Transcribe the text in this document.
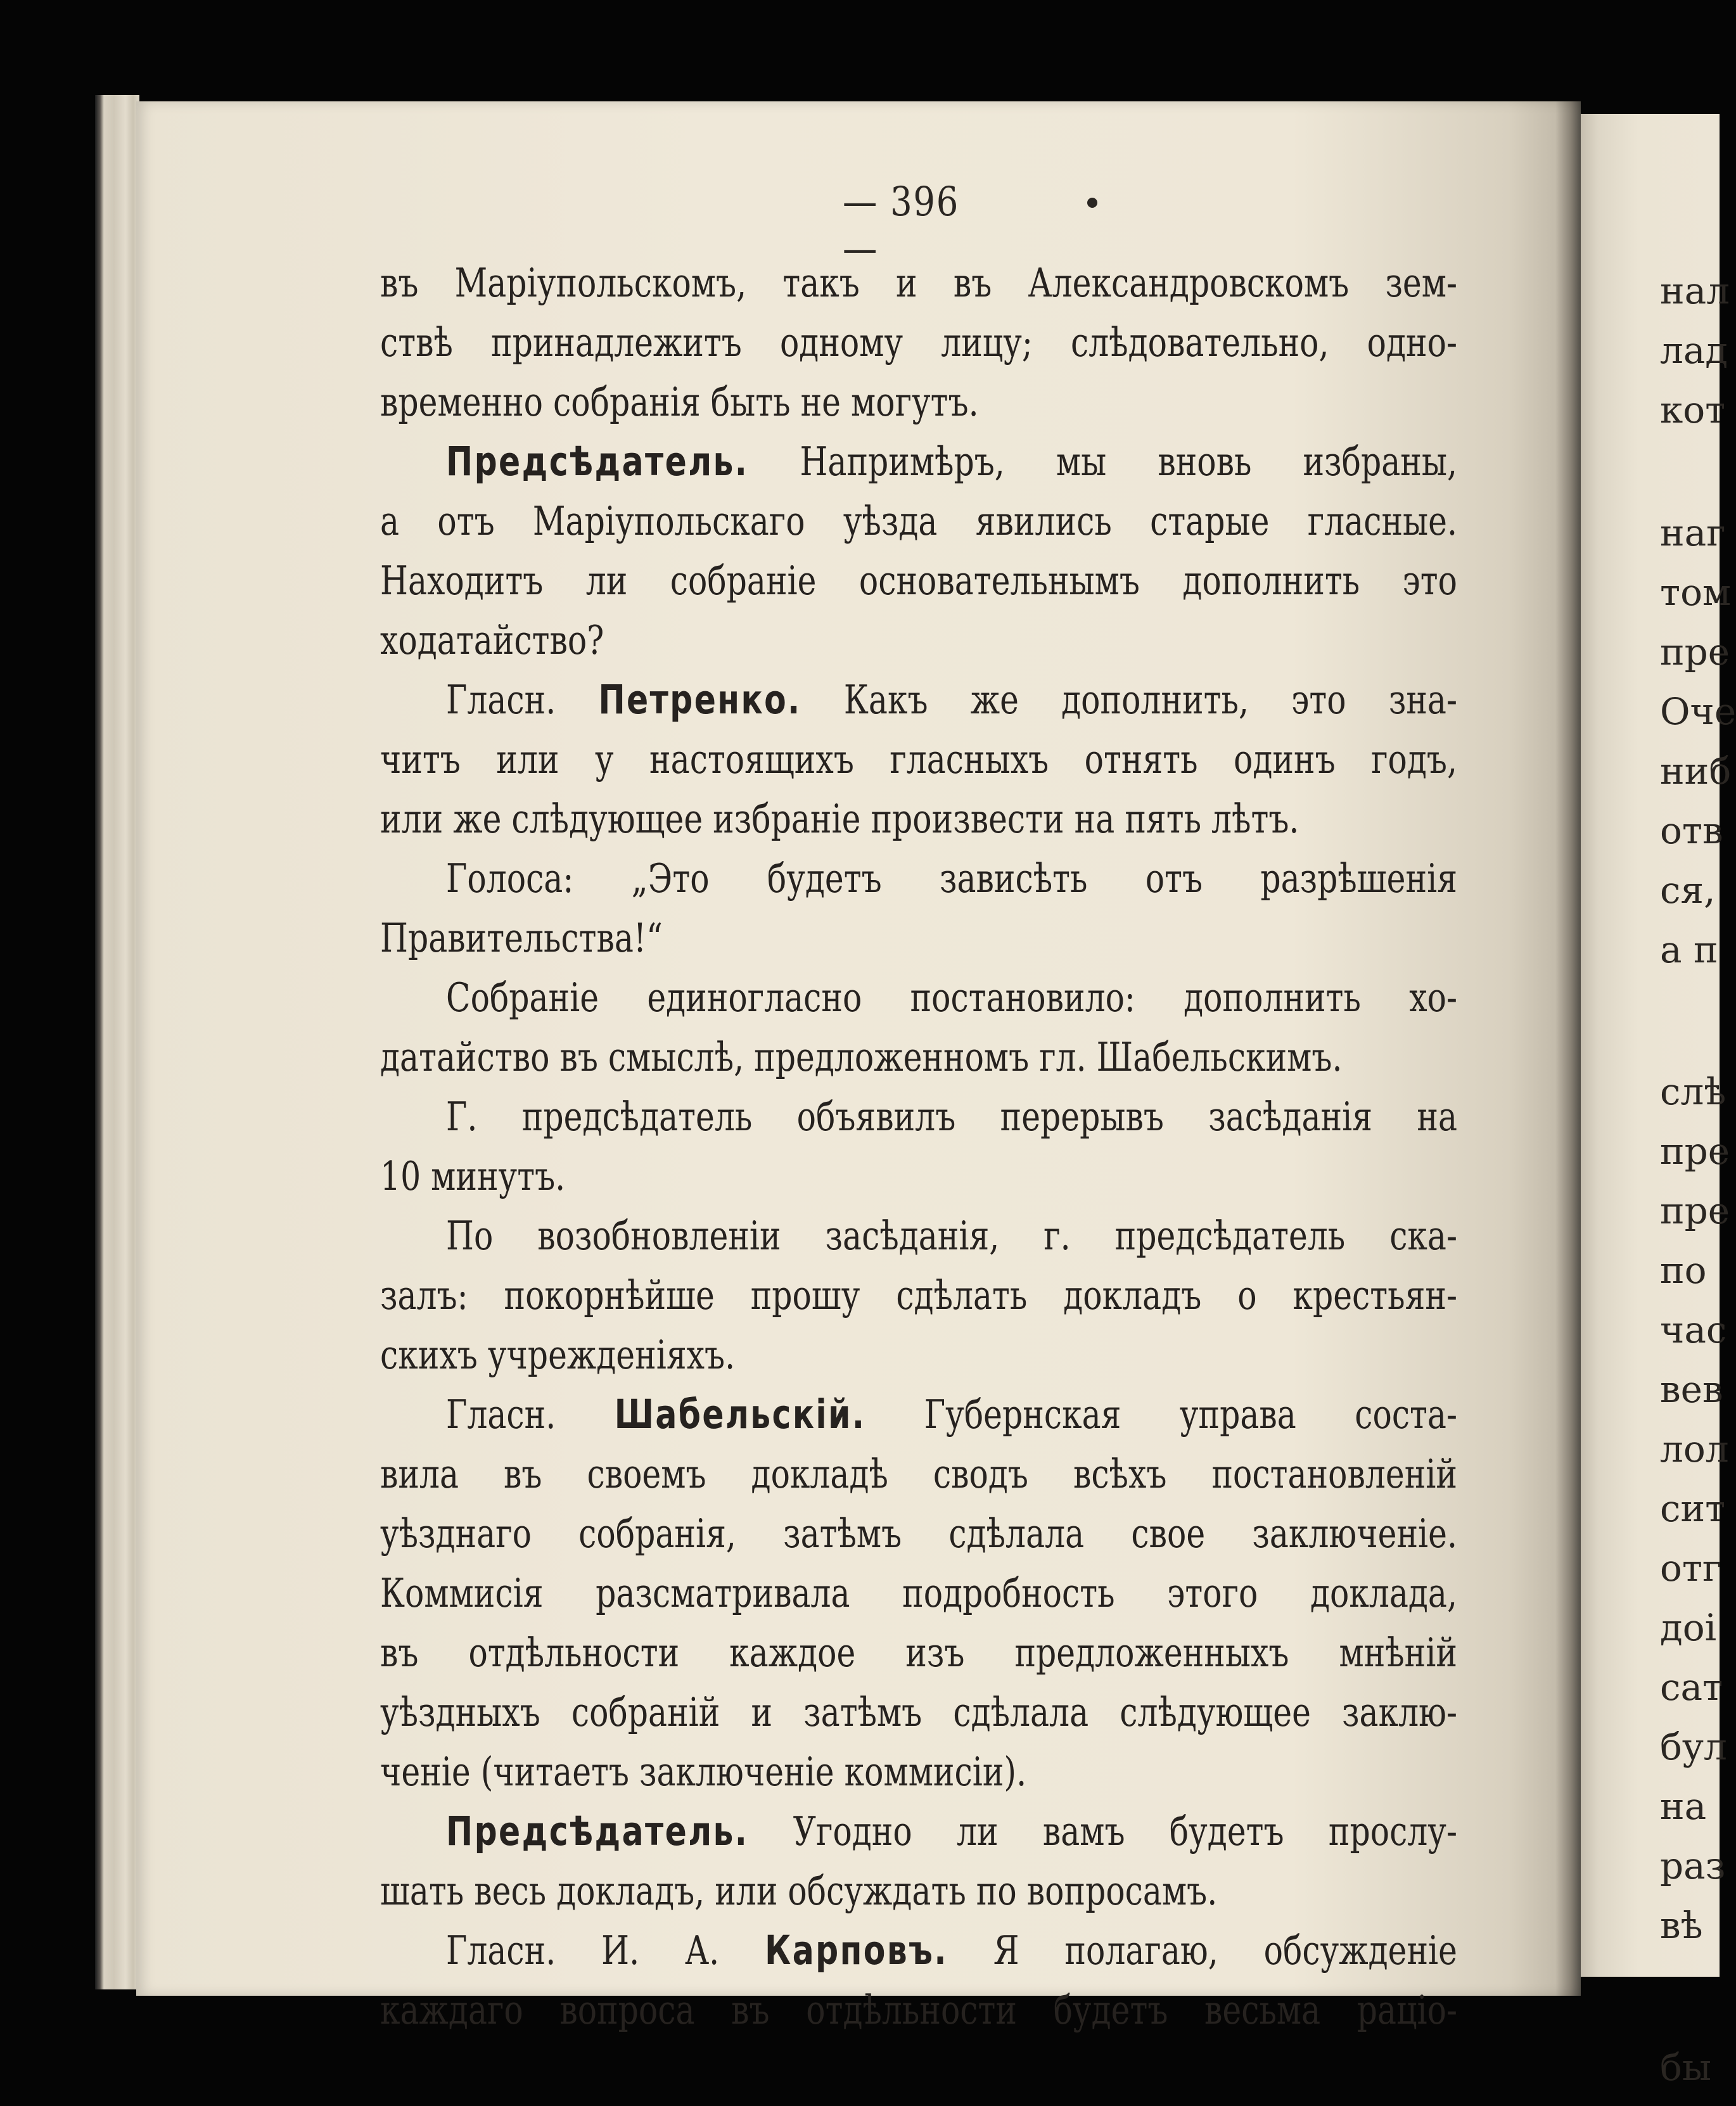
— 396 —
въ Маріупольскомъ, такъ и въ Александровскомъ зем-
ствѣ принадлежитъ одному лицу; слѣдовательно, одно-
временно собранія быть не могутъ.
Предсѣдатель. Напримѣръ, мы вновь избраны,
а отъ Маріупольскаго уѣзда явились старые гласные.
Находитъ ли собраніе основательнымъ дополнить это
ходатайство?
Гласн. Петренко. Какъ же дополнить, это зна-
читъ или у настоящихъ гласныхъ отнять одинъ годъ,
или же слѣдующее избраніе произвести на пять лѣтъ.
Голоса: „Это будетъ зависѣть отъ разрѣшенія
Правительства!“
Собраніе единогласно постановило: дополнить хо-
датайство въ смыслѣ, предложенномъ гл. Шабельскимъ.
Г. предсѣдатель объявилъ перерывъ засѣданія на
10 минутъ.
По возобновленіи засѣданія, г. предсѣдатель ска-
залъ: покорнѣйше прошу сдѣлать докладъ о крестьян-
скихъ учрежденіяхъ.
Гласн. Шабельскій. Губернская управа соста-
вила въ своемъ докладѣ сводъ всѣхъ постановленій
уѣзднаго собранія, затѣмъ сдѣлала свое заключеніе.
Коммисія разсматривала подробность этого доклада,
въ отдѣльности каждое изъ предложенныхъ мнѣній
уѣздныхъ собраній и затѣмъ сдѣлала слѣдующее заклю-
ченіе (читаетъ заключеніе коммисіи).
Предсѣдатель. Угодно ли вамъ будетъ прослу-
шать весь докладъ, или обсуждать по вопросамъ.
Гласн. И. А. Карповъ. Я полагаю, обсужденіе
каждаго вопроса въ отдѣльности будетъ весьма раціо-
нал
лад
кот
наг
том
пре
Оче
ниб
отв
ся,
а п
слѣ
пре
пре
по
час
вев
лол
сит
отг
доі
сат
бул
на
раз
вѣ
бы
